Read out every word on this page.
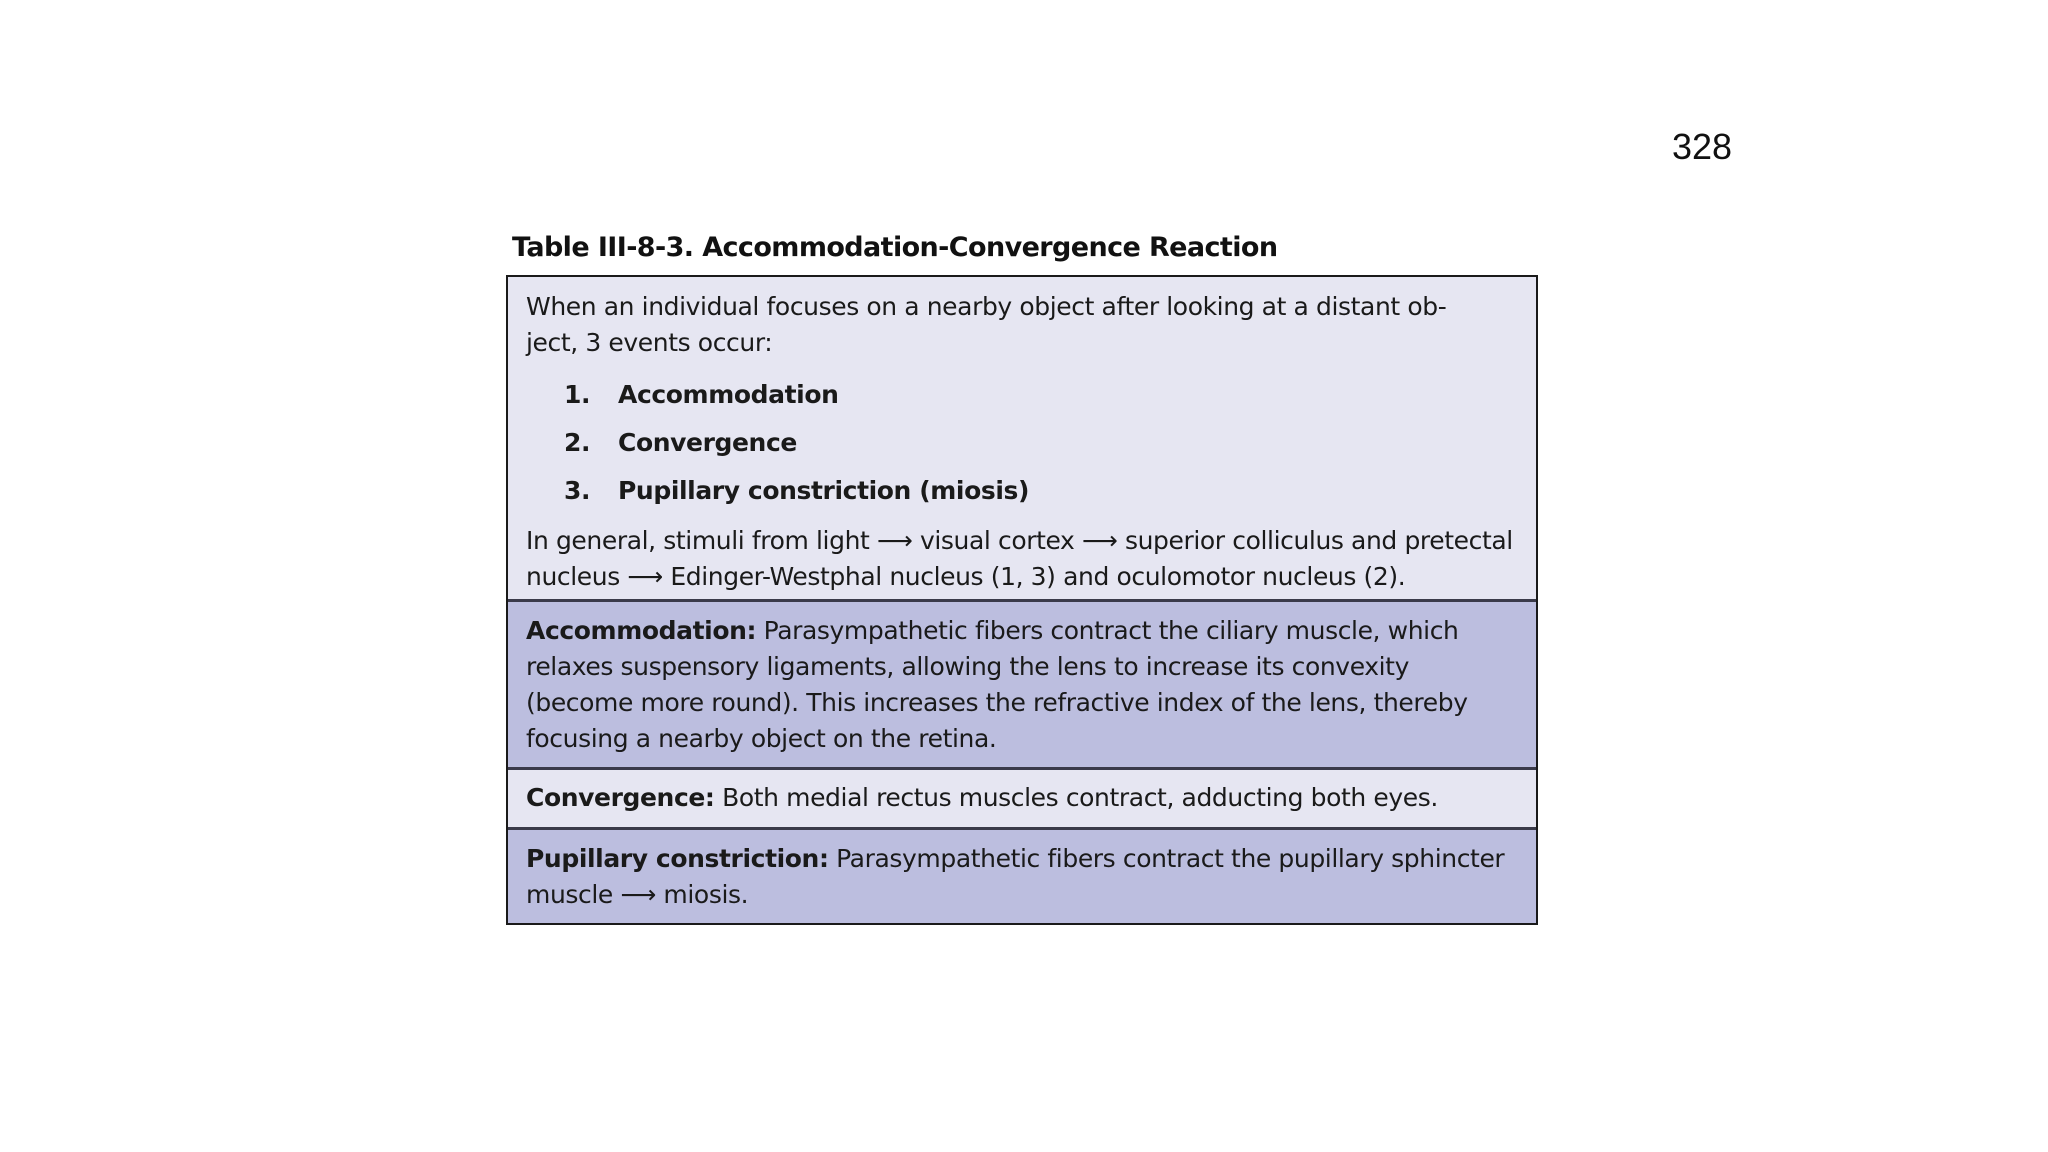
328
Table III-8-3. Accommodation-Convergence Reaction
When an individual focuses on a nearby object after looking at a distant ob-
ject, 3 events occur:
1.	Accommodation
2.	Convergence
3.	Pupillary constriction (miosis)
In general, stimuli from light ⟶ visual cortex ⟶ superior colliculus and pretectal
nucleus ⟶ Edinger-Westphal nucleus (1, 3) and oculomotor nucleus (2).
Accommodation: Parasympathetic fibers contract the ciliary muscle, which
relaxes suspensory ligaments, allowing the lens to increase its convexity
(become more round). This increases the refractive index of the lens, thereby
focusing a nearby object on the retina.
Convergence: Both medial rectus muscles contract, adducting both eyes.
Pupillary constriction: Parasympathetic fibers contract the pupillary sphincter
muscle ⟶ miosis.
